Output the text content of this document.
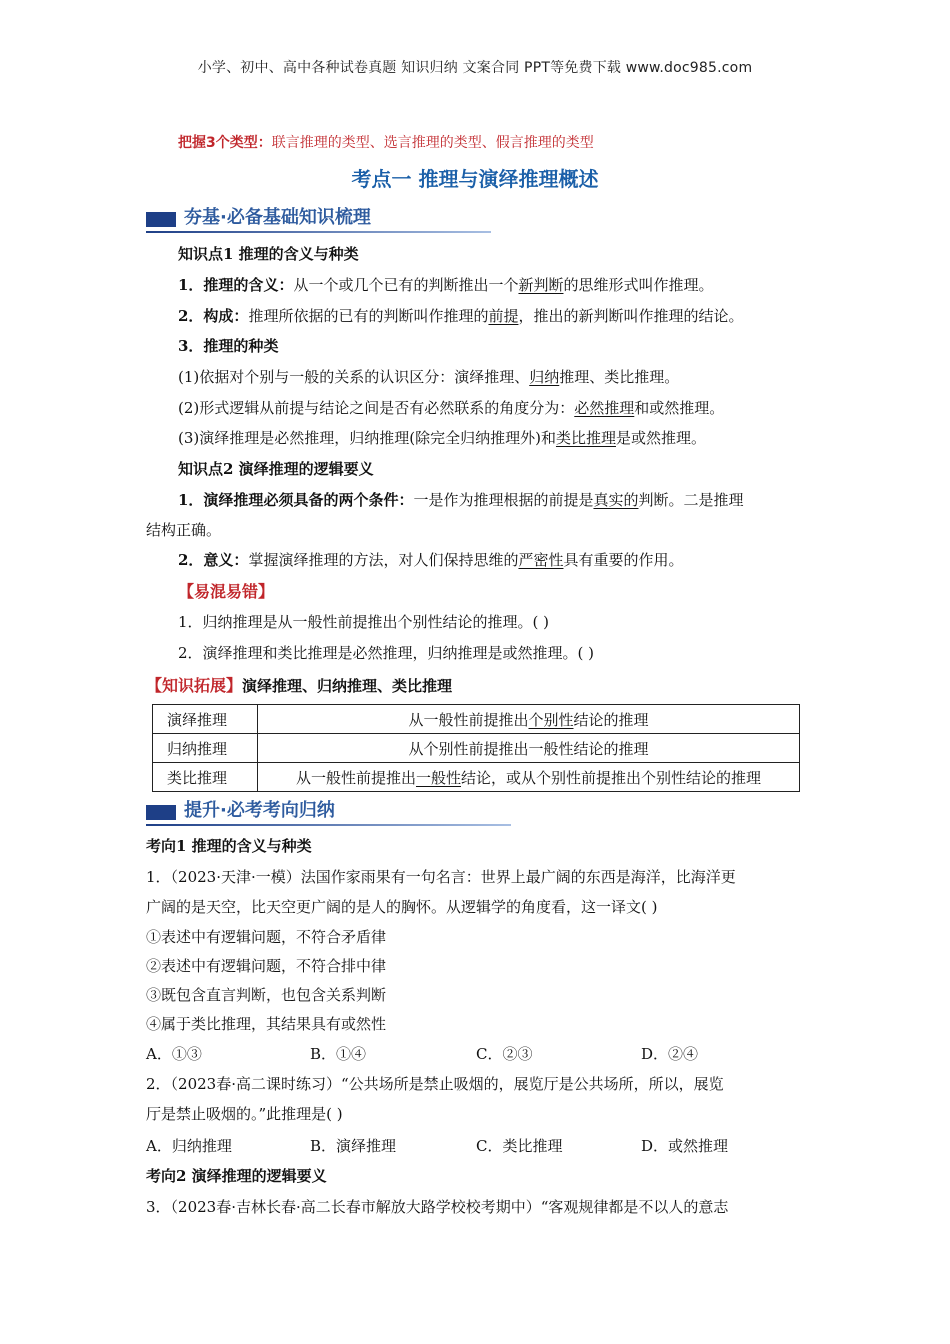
小学、初中、高中各种试卷真题 知识归纳 文案合同 PPT等免费下载 www.doc985.com
把握3个类型：联言推理的类型、选言推理的类型、假言推理的类型
考点一 推理与演绎推理概述
夯基·必备基础知识梳理
知识点1 推理的含义与种类
1．推理的含义：从一个或几个已有的判断推出一个新判断的思维形式叫作推理。
2．构成：推理所依据的已有的判断叫作推理的前提，推出的新判断叫作推理的结论。
3．推理的种类
(1)依据对个别与一般的关系的认识区分：演绎推理、归纳推理、类比推理。
(2)形式逻辑从前提与结论之间是否有必然联系的角度分为：必然推理和或然推理。
(3)演绎推理是必然推理，归纳推理(除完全归纳推理外)和类比推理是或然推理。
知识点2 演绎推理的逻辑要义
1．演绎推理必须具备的两个条件：一是作为推理根据的前提是真实的判断。二是推理
结构正确。
2．意义：掌握演绎推理的方法，对人们保持思维的严密性具有重要的作用。
【易混易错】
1．归纳推理是从一般性前提推出个别性结论的推理。( )
2．演绎推理和类比推理是必然推理，归纳推理是或然推理。( )
【知识拓展】演绎推理、归纳推理、类比推理
演绎推理	从一般性前提推出个别性结论的推理
归纳推理	从个别性前提推出一般性结论的推理
类比推理	从一般性前提推出一般性结论，或从个别性前提推出个别性结论的推理
提升·必考考向归纳
考向1 推理的含义与种类
1．（2023·天津·一模）法国作家雨果有一句名言：世界上最广阔的东西是海洋，比海洋更
广阔的是天空，比天空更广阔的是人的胸怀。从逻辑学的角度看，这一译文( )
①表述中有逻辑问题，不符合矛盾律
②表述中有逻辑问题，不符合排中律
③既包含直言判断，也包含关系判断
④属于类比推理，其结果具有或然性
A．①③	B．①④	C．②③	D．②④
2．（2023春·高二课时练习）“公共场所是禁止吸烟的，展览厅是公共场所，所以，展览
厅是禁止吸烟的。”此推理是( )
A．归纳推理	B．演绎推理	C．类比推理	D．或然推理
考向2 演绎推理的逻辑要义
3．（2023春·吉林长春·高二长春市解放大路学校校考期中）“客观规律都是不以人的意志
